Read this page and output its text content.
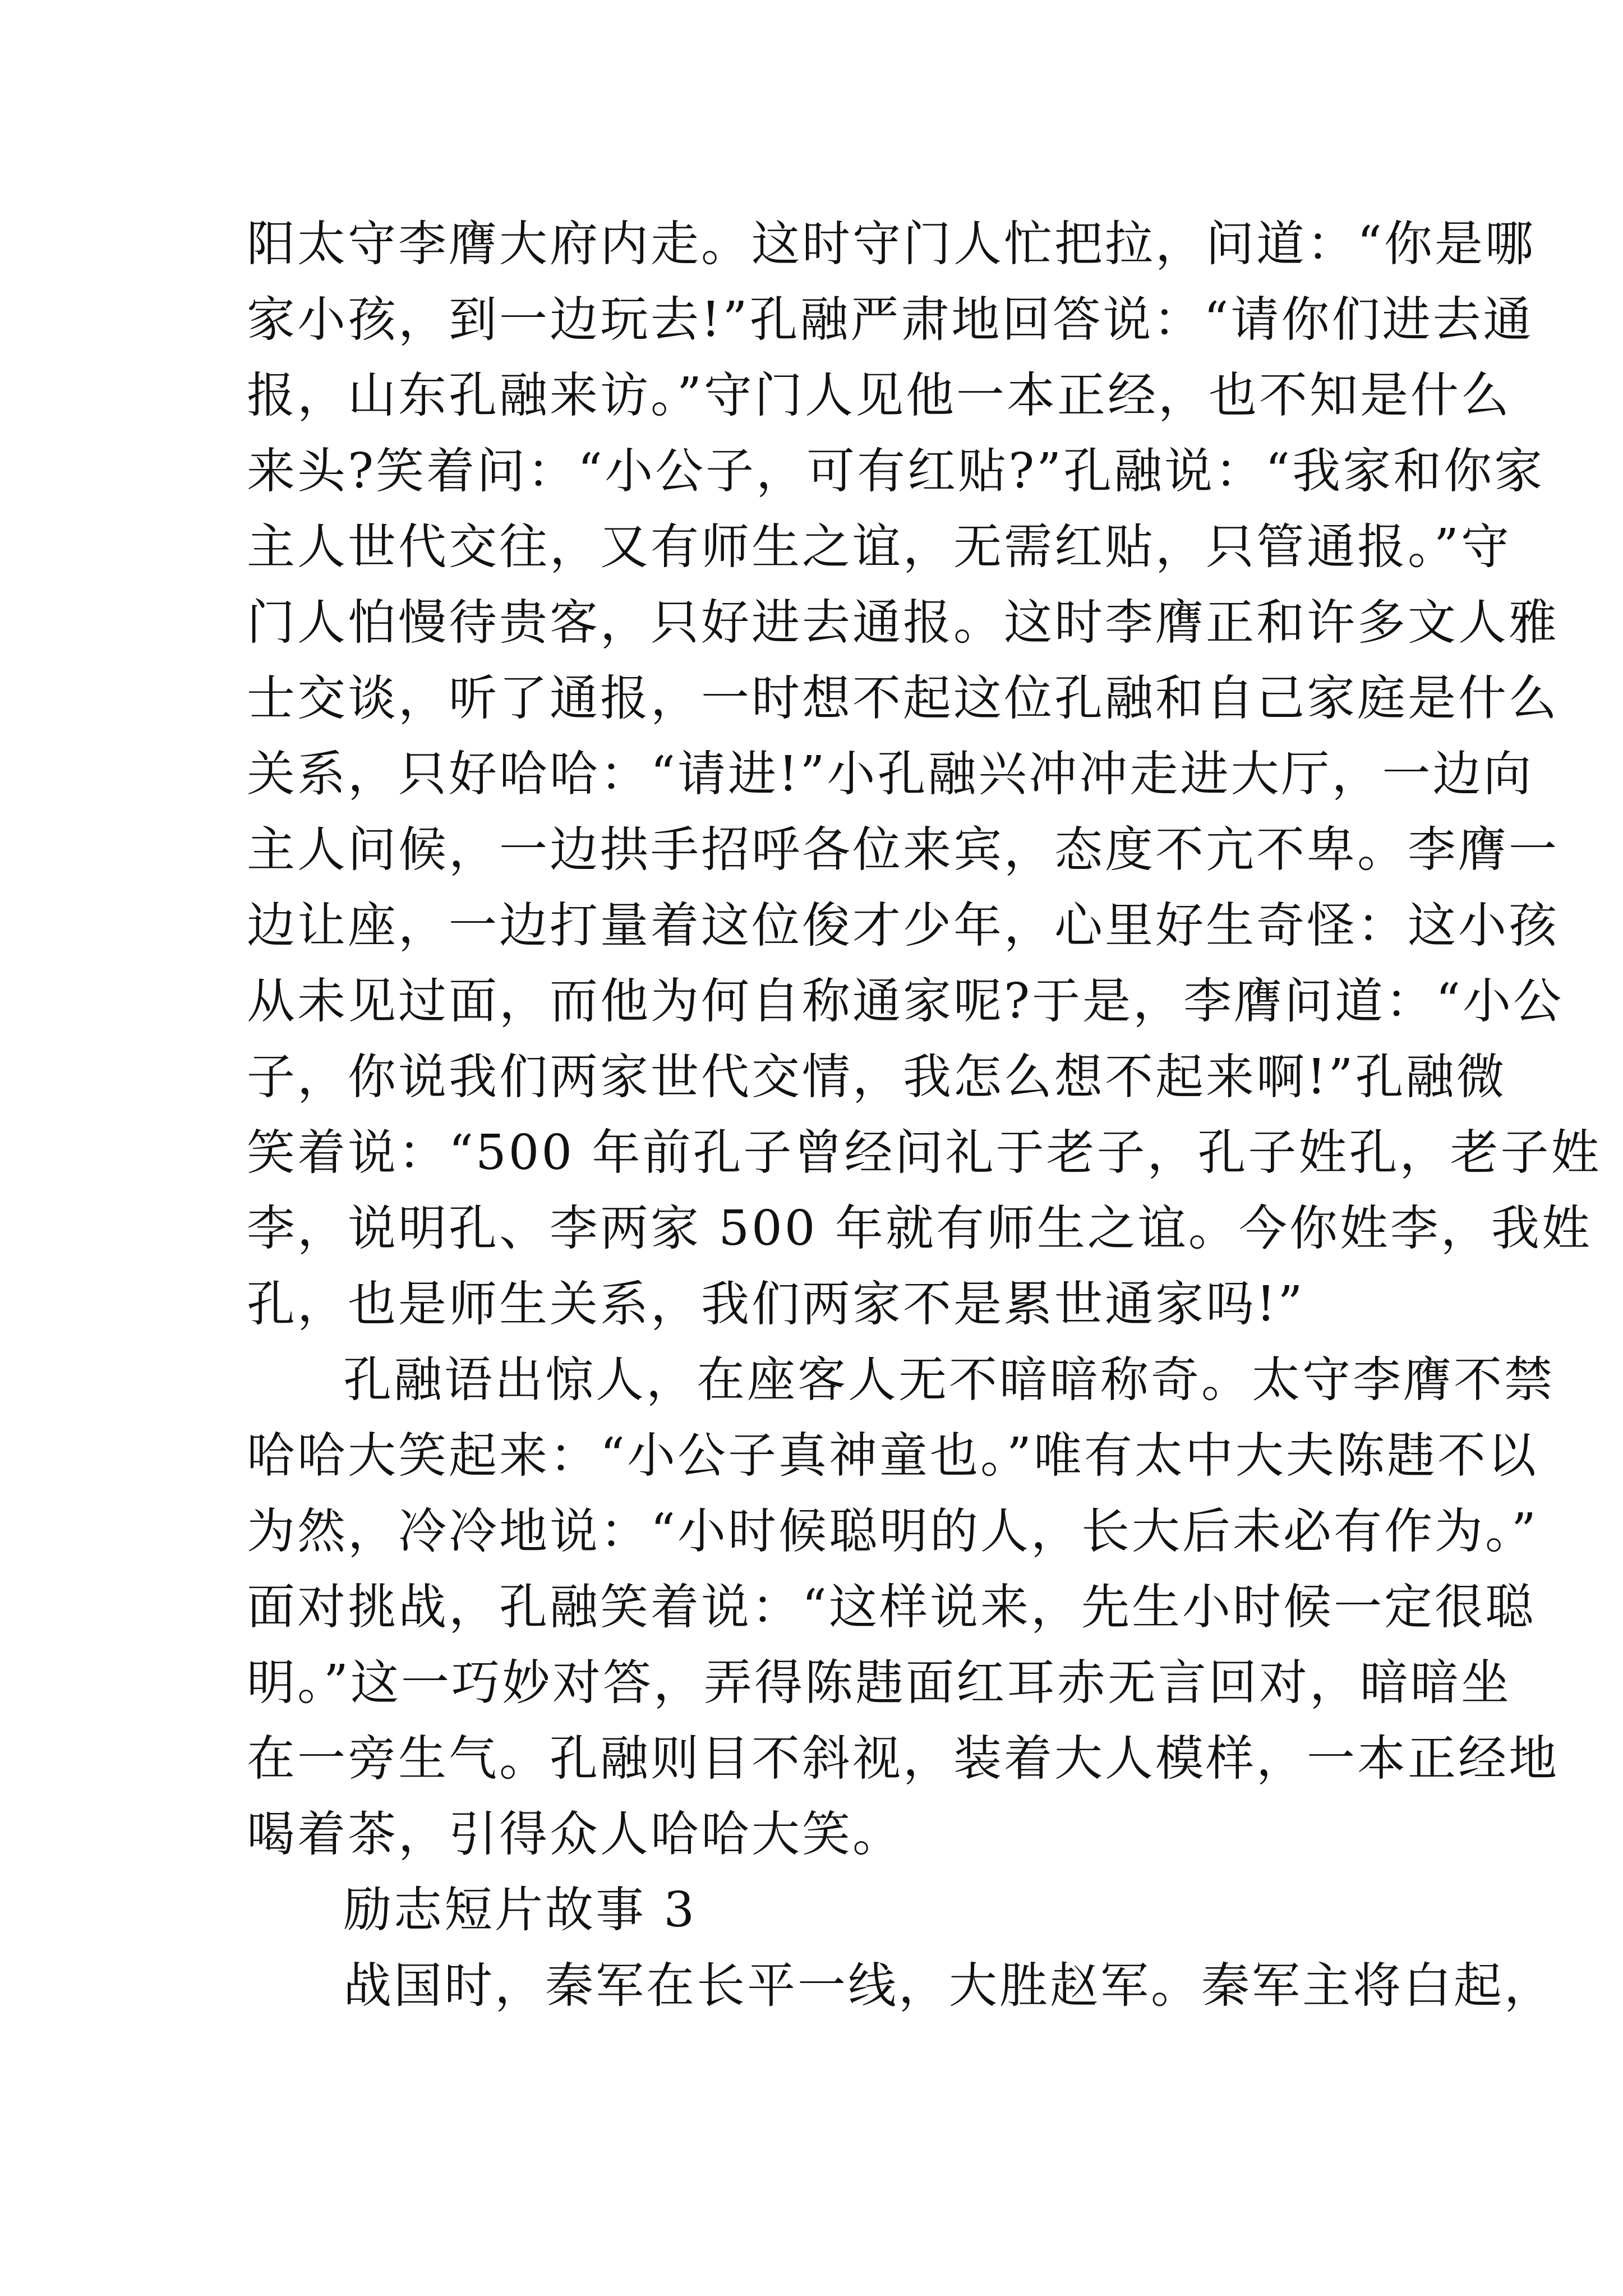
阳太守李膺大府内走。这时守门人忙把拉，问道：“你是哪
家小孩，到一边玩去!”孔融严肃地回答说：“请你们进去通
报，山东孔融来访。”守门人见他一本正经，也不知是什么
来头?笑着问：“小公子，可有红贴?”孔融说：“我家和你家
主人世代交往，又有师生之谊，无需红贴，只管通报。”守
门人怕慢待贵客，只好进去通报。这时李膺正和许多文人雅
士交谈，听了通报，一时想不起这位孔融和自己家庭是什么
关系，只好哈哈：“请进!”小孔融兴冲冲走进大厅，一边向
主人问候，一边拱手招呼各位来宾，态度不亢不卑。李膺一
边让座，一边打量着这位俊才少年，心里好生奇怪：这小孩
从未见过面，而他为何自称通家呢?于是，李膺问道：“小公
子，你说我们两家世代交情，我怎么想不起来啊!”孔融微
笑着说：“500 年前孔子曾经问礼于老子，孔子姓孔，老子姓
李，说明孔、李两家 500 年就有师生之谊。今你姓李，我姓
孔，也是师生关系，我们两家不是累世通家吗!”
孔融语出惊人，在座客人无不暗暗称奇。太守李膺不禁
哈哈大笑起来：“小公子真神童也。”唯有太中大夫陈韪不以
为然，冷冷地说：“小时候聪明的人，长大后未必有作为。”
面对挑战，孔融笑着说：“这样说来，先生小时候一定很聪
明。”这一巧妙对答，弄得陈韪面红耳赤无言回对，暗暗坐
在一旁生气。孔融则目不斜视，装着大人模样，一本正经地
喝着茶，引得众人哈哈大笑。
励志短片故事 3
战国时，秦军在长平一线，大胜赵军。秦军主将白起，
